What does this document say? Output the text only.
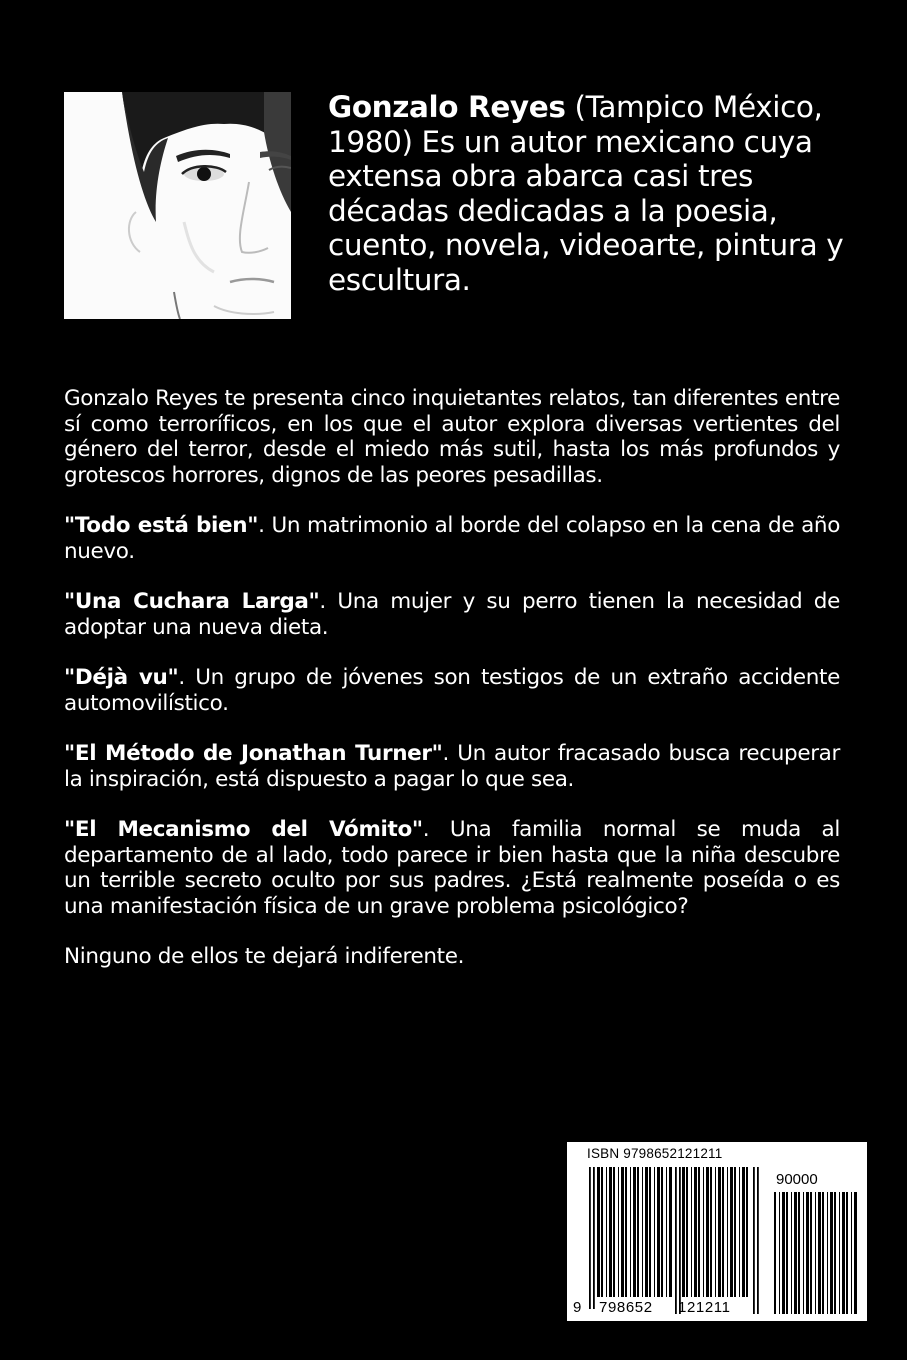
Gonzalo Reyes (Tampico México, 1980) Es un autor mexicano cuya extensa obra abarca casi tres décadas dedicadas a la poesia, cuento, novela, videoarte, pintura y escultura.

Gonzalo Reyes te presenta cinco inquietantes relatos, tan diferentes entre sí como terroríficos, en los que el autor explora diversas vertientes del género del terror, desde el miedo más sutil, hasta los más profundos y grotescos horrores, dignos de las peores pesadillas.

"Todo está bien". Un matrimonio al borde del colapso en la cena de año nuevo.

"Una Cuchara Larga". Una mujer y su perro tienen la necesidad de adoptar una nueva dieta.

"Déjà vu". Un grupo de jóvenes son testigos de un extraño accidente automovilístico.

"El Método de Jonathan Turner". Un autor fracasado busca recuperar la inspiración, está dispuesto a pagar lo que sea.

"El Mecanismo del Vómito". Una familia normal se muda al departamento de al lado, todo parece ir bien hasta que la niña descubre un terrible secreto oculto por sus padres. ¿Está realmente poseída o es una manifestación física de un grave problema psicológico?

Ninguno de ellos te dejará indiferente.

ISBN 9798652121211
90000
9 798652 121211
